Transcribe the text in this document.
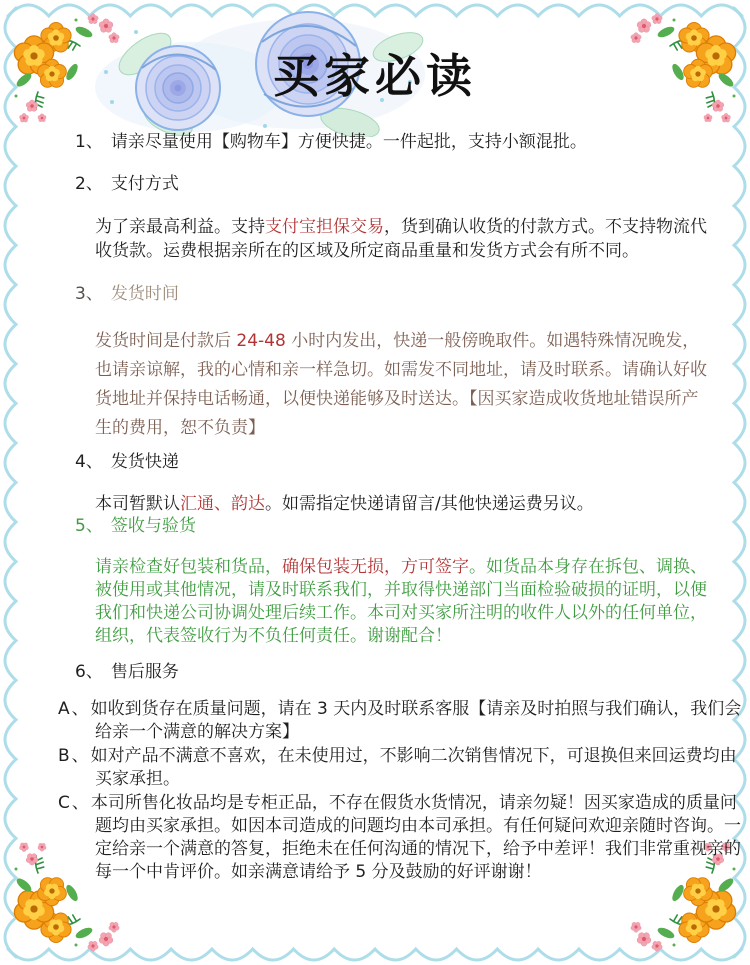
买家必读
1、 请亲尽量使用【购物车】方便快捷。一件起批，支持小额混批。
2、 支付方式

为了亲最高利益。支持支付宝担保交易，货到确认收货的付款方式。不支持物流代收货款。运费根据亲所在的区域及所定商品重量和发货方式会有所不同。

3、 发货时间

发货时间是付款后 24-48 小时内发出，快递一般傍晚取件。如遇特殊情况晚发，也请亲谅解，我的心情和亲一样急切。如需发不同地址，请及时联系。请确认好收货地址并保持电话畅通，以便快递能够及时送达。【因买家造成收货地址错误所产生的费用，恕不负责】

4、 发货快递

本司暂默认汇通、韵达。如需指定快递请留言/其他快递运费另议。

5、 签收与验货

请亲检查好包装和货品，确保包装无损，方可签字。如货品本身存在拆包、调换、被使用或其他情况，请及时联系我们，并取得快递部门当面检验破损的证明，以便我们和快递公司协调处理后续工作。本司对买家所注明的收件人以外的任何单位，组织，代表签收行为不负任何责任。谢谢配合！

6、 售后服务

A、如收到货存在质量问题，请在 3 天内及时联系客服【请亲及时拍照与我们确认，我们会给亲一个满意的解决方案】

B、如对产品不满意不喜欢，在未使用过，不影响二次销售情况下，可退换但来回运费均由买家承担。

C、本司所售化妆品均是专柜正品，不存在假货水货情况，请亲勿疑！因买家造成的质量问题均由买家承担。如因本司造成的问题均由本司承担。有任何疑问欢迎亲随时咨询。一定给亲一个满意的答复，拒绝未在任何沟通的情况下，给予中差评！我们非常重视亲的每一个中肯评价。如亲满意请给予 5 分及鼓励的好评谢谢！
